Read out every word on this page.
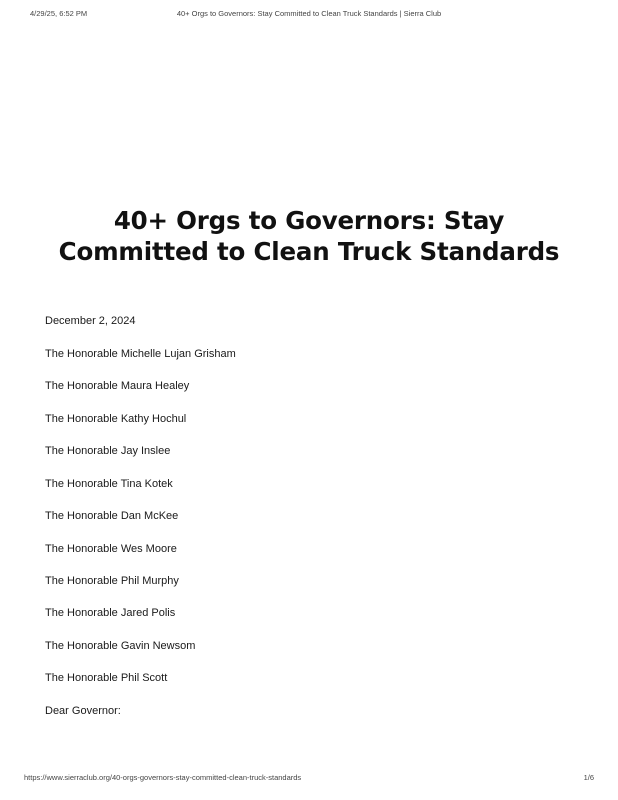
4/29/25, 6:52 PM	40+ Orgs to Governors: Stay Committed to Clean Truck Standards | Sierra Club
40+ Orgs to Governors: Stay
Committed to Clean Truck Standards
December 2, 2024
The Honorable Michelle Lujan Grisham
The Honorable Maura Healey
The Honorable Kathy Hochul
The Honorable Jay Inslee
The Honorable Tina Kotek
The Honorable Dan McKee
The Honorable Wes Moore
The Honorable Phil Murphy
The Honorable Jared Polis
The Honorable Gavin Newsom
The Honorable Phil Scott
Dear Governor:
https://www.sierraclub.org/40-orgs-governors-stay-committed-clean-truck-standards	1/6
